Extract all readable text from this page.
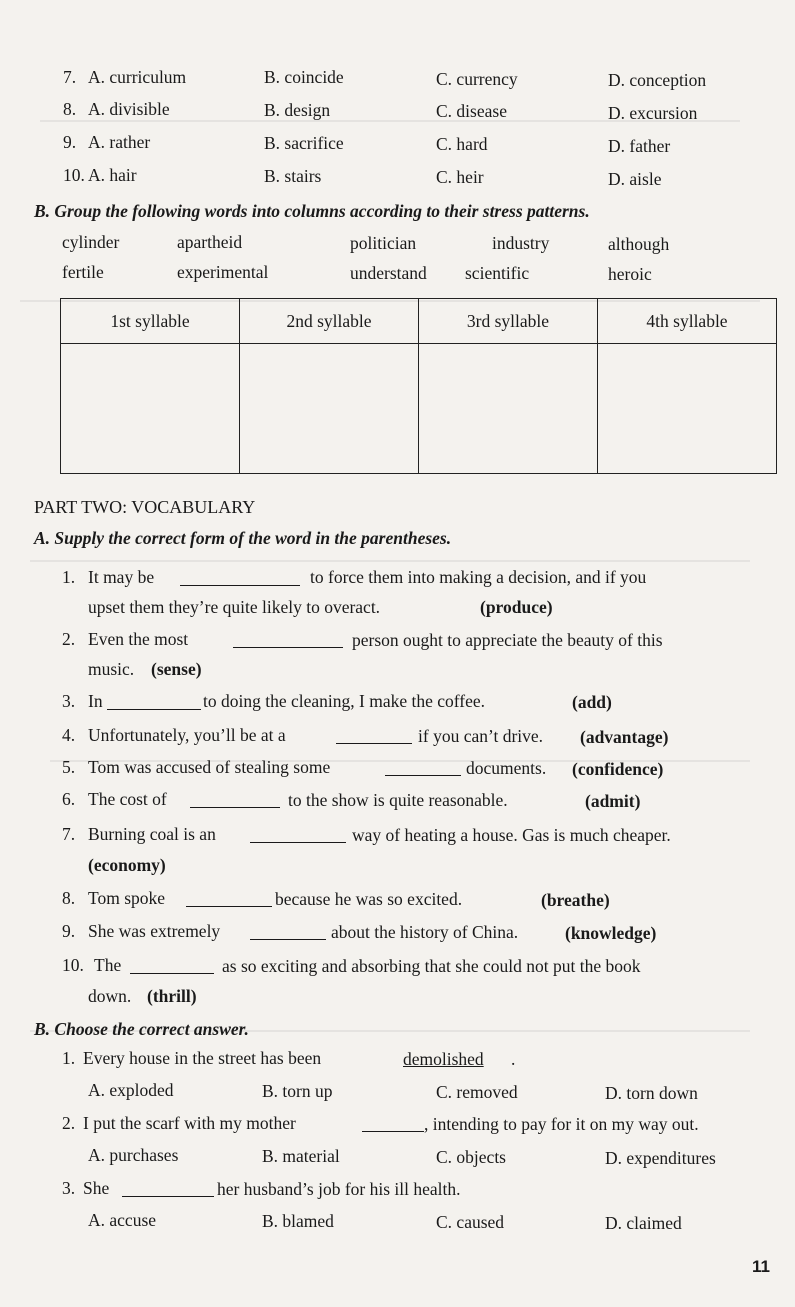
7. A. curriculum	B. coincide	C. currency	D. conception
8. A. divisible	B. design	C. disease	D. excursion
9. A. rather	B. sacrifice	C. hard	D. father
10. A. hair	B. stairs	C. heir	D. aisle
B. Group the following words into columns according to their stress patterns.
cylinder	apartheid	politician	industry	although
fertile	experimental	understand scientific	heroic
1st syllable	2nd syllable	3rd syllable	4th syllable

PART TWO: VOCABULARY
A. Supply the correct form of the word in the parentheses.
1. It may be	to force them into making a decision, and if you
upset them they’re quite likely to overact.	(produce)
2. Even the most	person ought to appreciate the beauty of this
music. (sense)
3. In	to doing the cleaning, I make the coffee.	(add)
4. Unfortunately, you’ll be at a	if you can’t drive. (advantage)
5. Tom was accused of stealing some	documents. (confidence)
6. The cost of	to the show is quite reasonable.	(admit)
7. Burning coal is an	way of heating a house. Gas is much cheaper.
(economy)
8. Tom spoke	because he was so excited.	(breathe)
9. She was extremely	about the history of China.	(knowledge)
10. The	as so exciting and absorbing that she could not put the book
down. (thrill)
B. Choose the correct answer.
1. Every house in the street has been	demolished .
A. exploded	B. torn up	C. removed	D. torn down
2. I put the scarf with my mother	, intending to pay for it on my way out.
A. purchases	B. material	C. objects	D. expenditures
3. She	her husband’s job for his ill health.
A. accuse	B. blamed	C. caused	D. claimed
11
